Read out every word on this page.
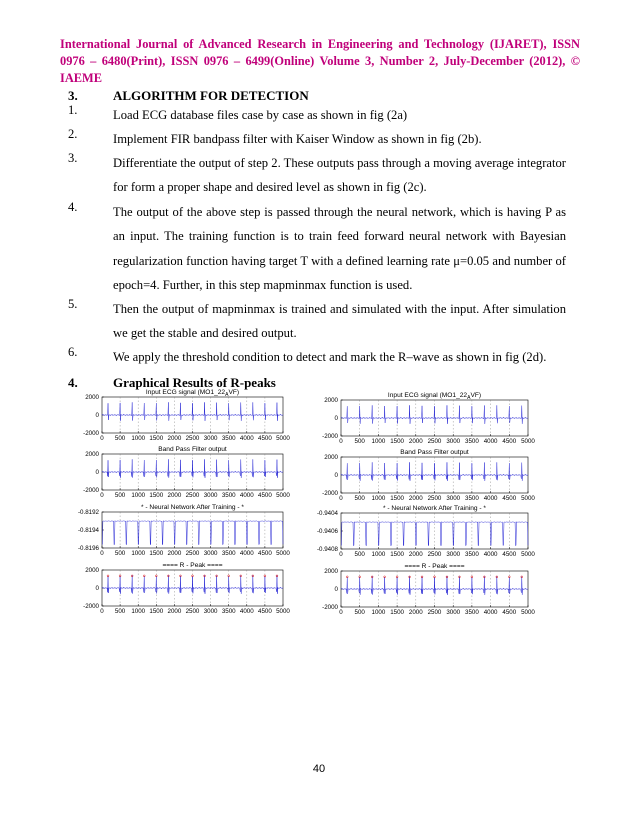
International Journal of Advanced Research in Engineering and Technology (IJARET), ISSN 0976 – 6480(Print), ISSN 0976 – 6499(Online) Volume 3, Number 2, July-December (2012), © IAEME
3.	ALGORITHM FOR DETECTION
1.	Load ECG database files case by case as shown in fig (2a)
2.	Implement FIR bandpass filter with Kaiser Window as shown in fig (2b).
3.	Differentiate the output of step 2. These outputs pass through a moving average integrator for form a proper shape and desired level as shown in fig (2c).
4.	The output of the above step is passed through the neural network, which is having P as an input. The training function is to train feed forward neural network with Bayesian regularization function having target T with a defined learning rate μ=0.05 and number of epoch=4. Further, in this step mapminmax function is used.
5.	Then the output of mapminmax is trained and simulated with the input. After simulation we get the stable and desired output.
6.	We apply the threshold condition to detect and mark the R–wave as shown in fig (2d).
4.	Graphical Results of R-peaks
Input ECG signal $(MO1\_22_AVF)$
0 500 1000 1500 2000 2500 3000 3500 4000 4500 5000
2000
0
-2000
Band Pass Filter output
0 500 1000 1500 2000 2500 3000 3500 4000 4500 5000
2000
0
-2000
* - Neural Network After Training - *
0 500 1000 1500 2000 2500 3000 3500 4000 4500 5000
-0.8192
-0.8194
-0.8196
==== R - Peak ====
0 500 1000 1500 2000 2500 3000 3500 4000 4500 5000
2000
0
-2000
Input ECG signal $(MO1\_22_AVF)$
0 500 1000 1500 2000 2500 3000 3500 4000 4500 5000
2000
0
-2000
Band Pass Filter output
0 500 1000 1500 2000 2500 3000 3500 4000 4500 5000
2000
0
-2000
* - Neural Network After Training - *
0 500 1000 1500 2000 2500 3000 3500 4000 4500 5000
-0.9404
-0.9406
-0.9408
==== R - Peak ====
0 500 1000 1500 2000 2500 3000 3500 4000 4500 5000
2000
0
-2000
40
